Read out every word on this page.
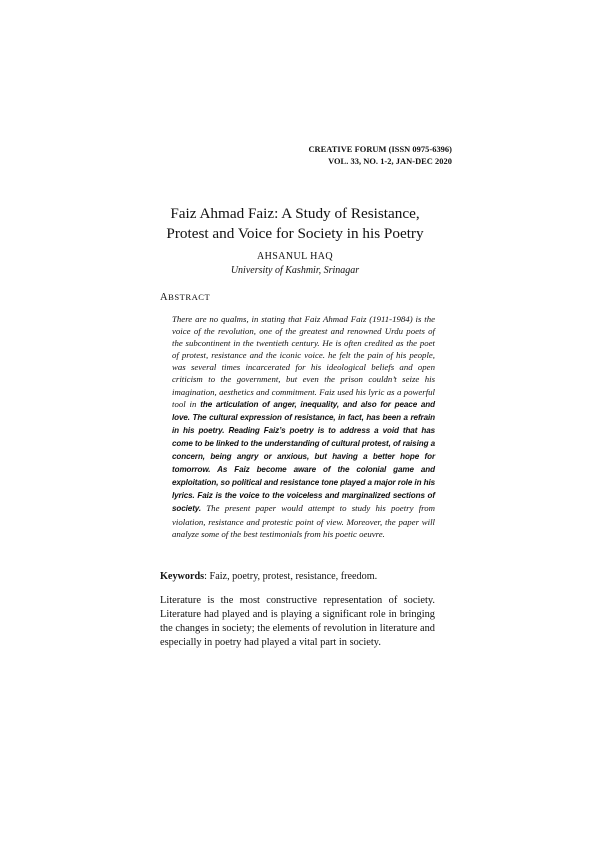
CREATIVE FORUM (ISSN 0975-6396)
VOL. 33, NO. 1-2, JAN-DEC 2020
Faiz Ahmad Faiz: A Study of Resistance,
Protest and Voice for Society in his Poetry
AHSANUL HAQ
University of Kashmir, Srinagar
ABSTRACT

There are no qualms, in stating that Faiz Ahmad Faiz (1911-1984) is the voice of the revolution, one of the greatest and renowned Urdu poets of the subcontinent in the twentieth century. He is often credited as the poet of protest, resistance and the iconic voice. he felt the pain of his people, was several times incarcerated for his ideological beliefs and open criticism to the government, but even the prison couldn’t seize his imagination, aesthetics and commitment. Faiz used his lyric as a powerful tool in the articulation of anger, inequality, and also for peace and love. The cultural expression of resistance, in fact, has been a refrain in his poetry. Reading Faiz’s poetry is to address a void that has come to be linked to the understanding of cultural protest, of raising a concern, being angry or anxious, but having a better hope for tomorrow. As Faiz become aware of the colonial game and exploitation, so political and resistance tone played a major role in his lyrics. Faiz is the voice to the voiceless and marginalized sections of society. The present paper would attempt to study his poetry from violation, resistance and protestic point of view. Moreover, the paper will analyze some of the best testimonials from his poetic oeuvre.

Keywords: Faiz, poetry, protest, resistance, freedom.

Literature is the most constructive representation of society. Literature had played and is playing a significant role in bringing the changes in society; the elements of revolution in literature and especially in poetry had played a vital part in society.
